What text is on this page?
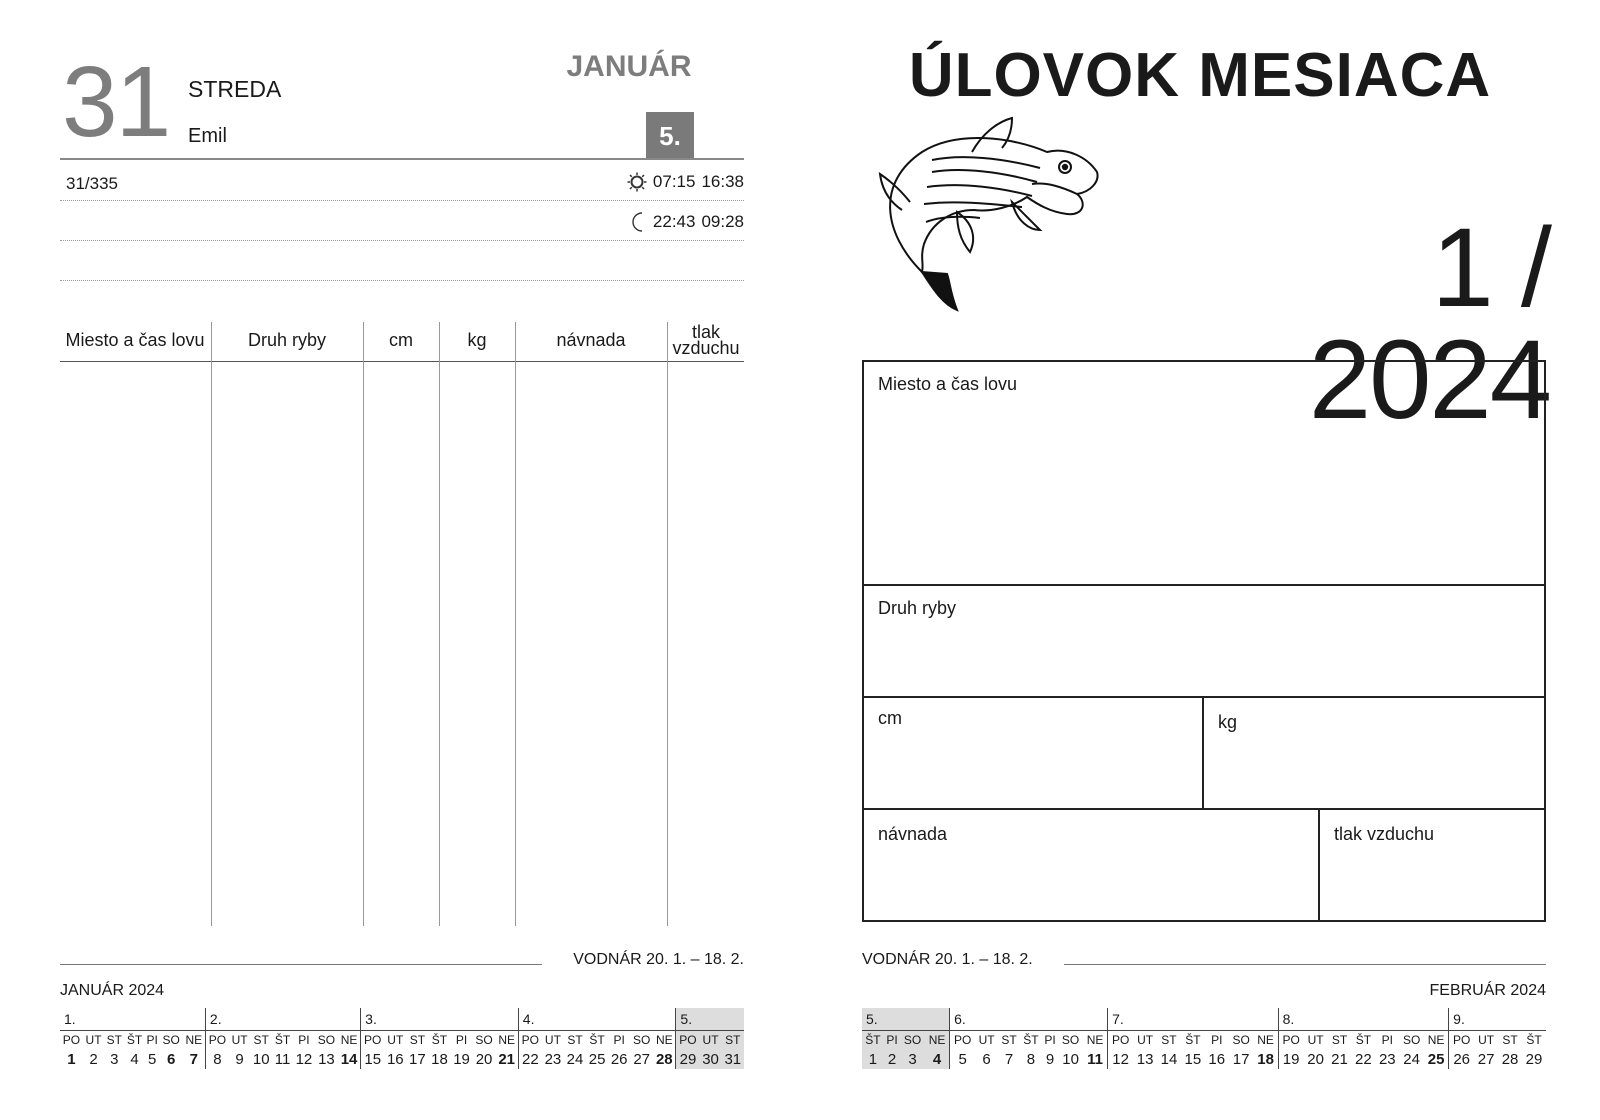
31 STREDA
Emil
JANUÁR
5.
31/335	07:15 16:38
22:43 09:28
Miesto a čas lovu	Druh ryby	cm	kg	návnada	tlak vzduchu
VODNÁR 20. 1. – 18. 2.
JANUÁR 2024
1.							2.							3.							4.							5.		
PO	UT	ST	ŠT	PI	SO	NE	PO	UT	ST	ŠT	PI	SO	NE	PO	UT	ST	ŠT	PI	SO	NE	PO	UT	ST	ŠT	PI	SO	NE	PO	UT	ST
1	2	3	4	5	6	7	8	9	10	11	12	13	14	15	16	17	18	19	20	21	22	23	24	25	26	27	28	29	30	31
ÚLOVOK MESIACA
1 / 2024
Miesto a čas lovu
Druh ryby
cm	kg
návnada	tlak vzduchu
VODNÁR 20. 1. – 18. 2.
FEBRUÁR 2024
5.				6.							7.							8.							9.			
ŠT	PI	SO	NE	PO	UT	ST	ŠT	PI	SO	NE	PO	UT	ST	ŠT	PI	SO	NE	PO	UT	ST	ŠT	PI	SO	NE	PO	UT	ST	ŠT
1	2	3	4	5	6	7	8	9	10	11	12	13	14	15	16	17	18	19	20	21	22	23	24	25	26	27	28	29
